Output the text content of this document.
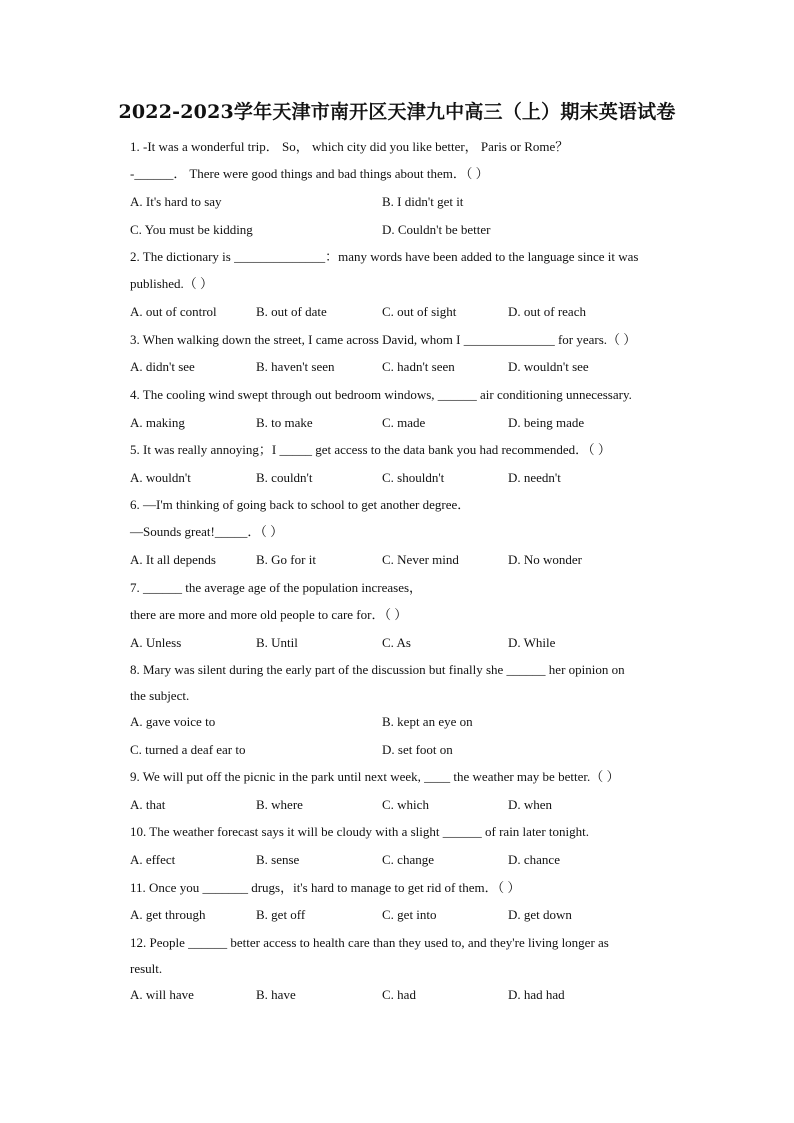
2022-2023学年天津市南开区天津九中高三（上）期末英语试卷
1. -It was a wonderful trip． So， which city did you like better， Paris or Rome？
-______． There were good things and bad things about them．（ ）
A. It's hard to say	B. I didn't get it
C. You must be kidding	D. Couldn't be better
2. The dictionary is ______________：many words have been added to the language since it was
published.（ ）
A. out of control	B. out of date	C. out of sight	D. out of reach
3. When walking down the street, I came across David, whom I ______________ for years.（ ）
A. didn't see	B. haven't seen	C. hadn't seen	D. wouldn't see
4. The cooling wind swept through out bedroom windows, ______ air conditioning unnecessary.
A. making	B. to make	C. made	D. being made
5. It was really annoying；I _____ get access to the data bank you had recommended．（ ）
A. wouldn't	B. couldn't	C. shouldn't	D. needn't
6. —I'm thinking of going back to school to get another degree．
—Sounds great!_____．（ ）
A. It all depends	B. Go for it	C. Never mind	D. No wonder
7. ______ the average age of the population increases，
there are more and more old people to care for．（ ）
A. Unless	B. Until	C. As	D. While
8. Mary was silent during the early part of the discussion but finally she ______ her opinion on
the subject.
A. gave voice to	B. kept an eye on
C. turned a deaf ear to	D. set foot on
9. We will put off the picnic in the park until next week, ____ the weather may be better.（ ）
A. that	B. where	C. which	D. when
10. The weather forecast says it will be cloudy with a slight ______ of rain later tonight.
A. effect	B. sense	C. change	D. chance
11. Once you _______ drugs，it's hard to manage to get rid of them．（ ）
A. get through	B. get off	C. get into	D. get down
12. People ______ better access to health care than they used to, and they're living longer as
result.
A. will have	B. have	C. had	D. had had
